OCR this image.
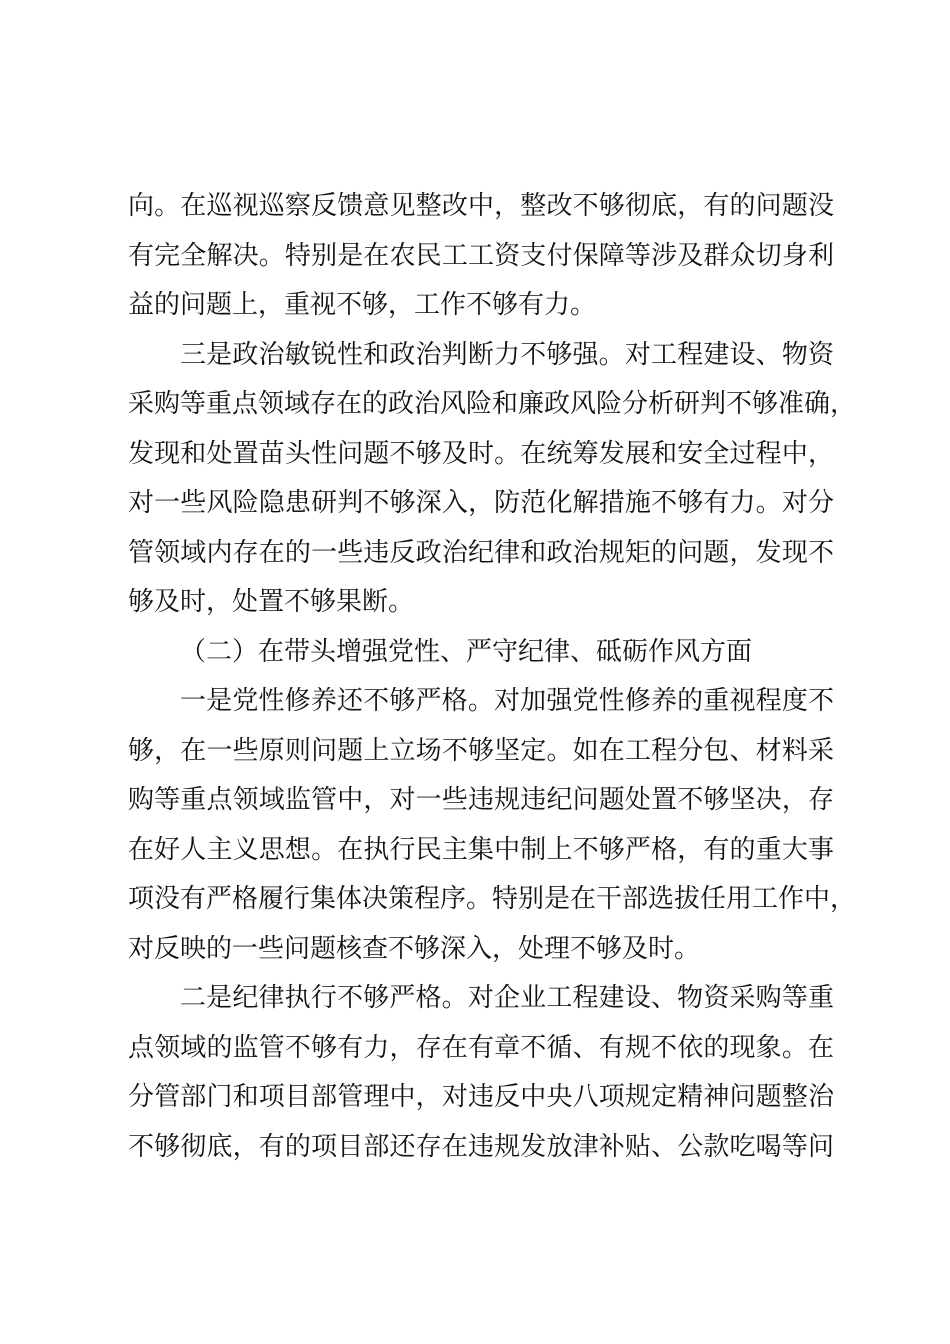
向。在巡视巡察反馈意见整改中，整改不够彻底，有的问题没
有完全解决。特别是在农民工工资支付保障等涉及群众切身利
益的问题上，重视不够，工作不够有力。
三是政治敏锐性和政治判断力不够强。对工程建设、物资
采购等重点领域存在的政治风险和廉政风险分析研判不够准确，
发现和处置苗头性问题不够及时。在统筹发展和安全过程中，
对一些风险隐患研判不够深入，防范化解措施不够有力。对分
管领域内存在的一些违反政治纪律和政治规矩的问题，发现不
够及时，处置不够果断。
（二）在带头增强党性、严守纪律、砥砺作风方面
一是党性修养还不够严格。对加强党性修养的重视程度不
够，在一些原则问题上立场不够坚定。如在工程分包、材料采
购等重点领域监管中，对一些违规违纪问题处置不够坚决，存
在好人主义思想。在执行民主集中制上不够严格，有的重大事
项没有严格履行集体决策程序。特别是在干部选拔任用工作中，
对反映的一些问题核查不够深入，处理不够及时。
二是纪律执行不够严格。对企业工程建设、物资采购等重
点领域的监管不够有力，存在有章不循、有规不依的现象。在
分管部门和项目部管理中，对违反中央八项规定精神问题整治
不够彻底，有的项目部还存在违规发放津补贴、公款吃喝等问
